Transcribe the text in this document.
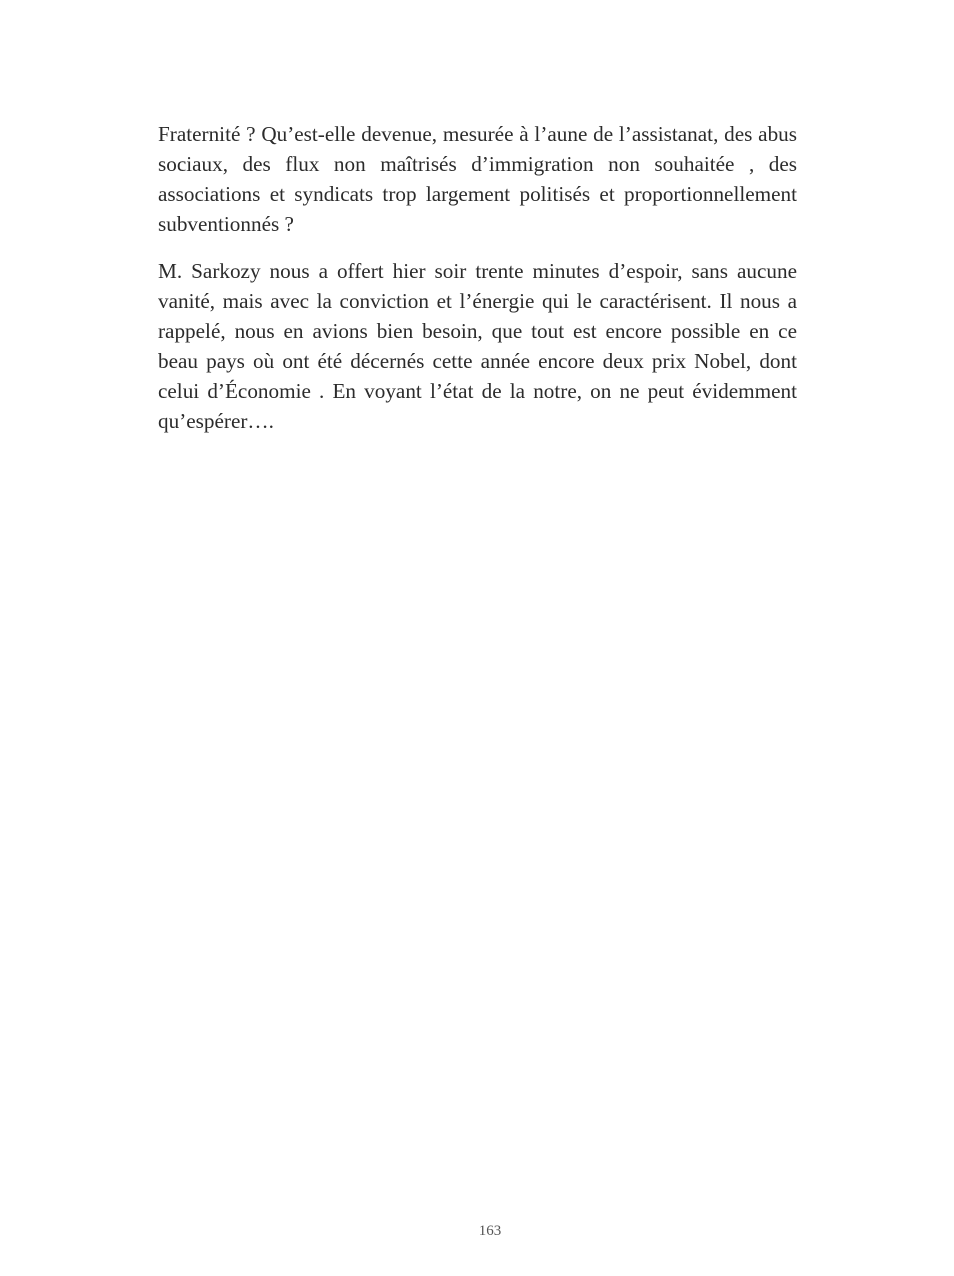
Fraternité ? Qu’est-elle devenue, mesurée à l’aune de l’assistanat, des abus sociaux, des flux non maîtrisés d’immigration non souhaitée , des associations et syndicats trop largement politisés et proportionnellement subventionnés ?

M. Sarkozy nous a offert hier soir trente minutes d’espoir, sans aucune vanité, mais avec la conviction et l’énergie qui le caractérisent. Il nous a rappelé, nous en avions bien besoin, que tout est encore possible en ce beau pays où ont été décernés cette année encore deux prix Nobel, dont celui d’Économie . En voyant l’état de la notre, on ne peut évidemment qu’espérer….

163
